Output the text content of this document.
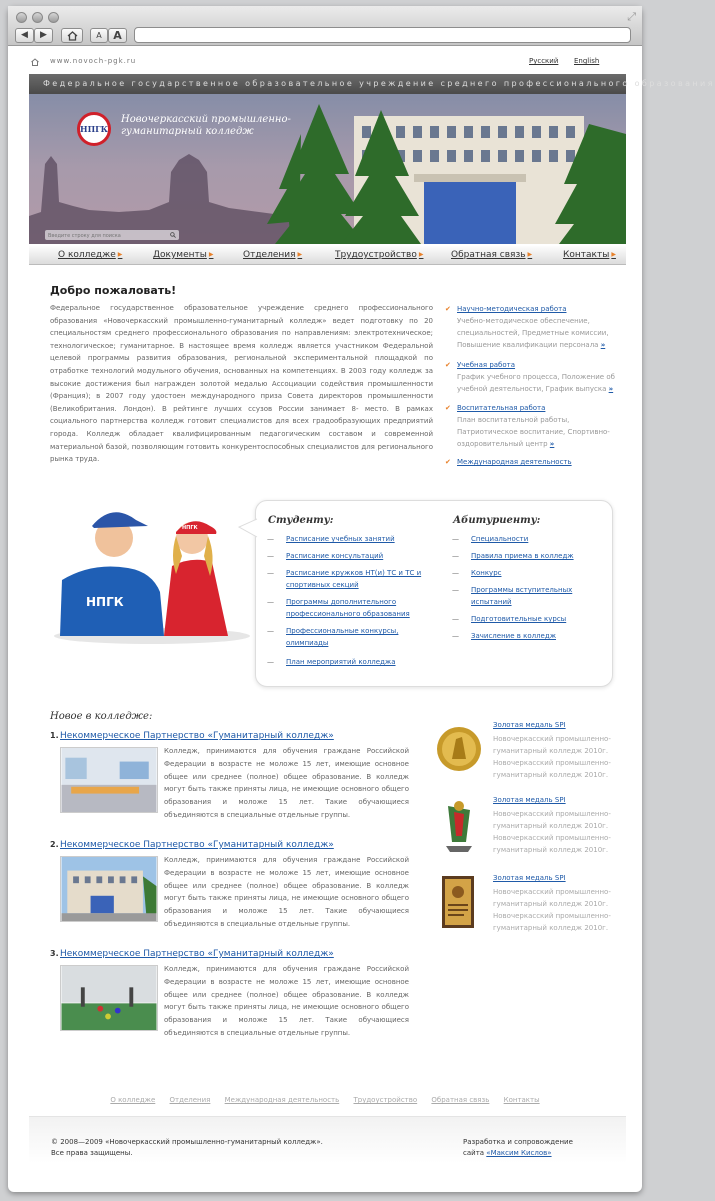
◀	▶	A	A
⤢
www.novoch-pgk.ru	Русский English
Федеральное государственное образовательное учреждение среднего профессионального образования
НПГК
Новочеркасский промышленно-гуманитарный колледж
Введите строку для поиска
О колледже ▶	Документы ▶	Отделения ▶	Трудоустройство ▶	Обратная связь ▶	Контакты ▶
Добро пожаловать!
Федеральное государственное образовательное учреждение среднего профессионального образования «Новочеркасский промышленно-гуманитарный колледж» ведет подготовку по 20 специальностям среднего профессионального образования по направлениям: электротехническое; технологическое; гуманитарное. В настоящее время колледж является участником Федеральной целевой программы развития образования, региональной экспериментальной площадкой по отработке технологий модульного обучения, основанных на компетенциях. В 2003 году колледж за высокие достижения был награжден золотой медалью Ассоциации содействия промышленности (Франция); в 2007 году удостоен международного приза Совета директоров промышленности (Великобритания. Лондон). В рейтинге лучших ссузов России занимает 8- место. В рамках социального партнерства колледж готовит специалистов для всех градообразующих предприятий города. Колледж обладает квалифицированным педагогическим составом и современной материальной базой, позволяющим готовить конкурентоспособных специалистов для регионального рынка труда.
✔ Научно-методическая работа
Учебно-методическое обеспечение, специальностей, Предметные комиссии, Повышение квалификации персонала »
✔ Учебная работа
График учебного процесса, Положение об учебной деятельности, График выпуска »
✔ Воспитательная работа
План воспитательной работы, Патриотическое воспитание, Спортивно-оздоровительный центр »
✔ Международная деятельность
НПГК
НПГК
Студенту:
— Расписание учебных занятий
— Расписание консультаций
— Расписание кружков НТ(и) ТС и ТС и спортивных секций
— Программы дополнительного профессионального образования
— Профессиональные конкурсы, олимпиады
— План мероприятий колледжа
Абитуриенту:
— Специальности
— Правила приема в колледж
— Конкурс
— Программы вступительных испытаний
— Подготовительные курсы
— Зачисление в колледж
Новое в колледже:
1. Некоммерческое Партнерство «Гуманитарный колледж»
Колледж, принимаются для обучения граждане Российской Федерации в возрасте не моложе 15 лет, имеющие основное общее или среднее (полное) общее образование. В колледж могут быть также приняты лица, не имеющие основного общего образования и моложе 15 лет. Такие обучающиеся объединяются в специальные отдельные группы.
2. Некоммерческое Партнерство «Гуманитарный колледж»
Колледж, принимаются для обучения граждане Российской Федерации в возрасте не моложе 15 лет, имеющие основное общее или среднее (полное) общее образование. В колледж могут быть также приняты лица, не имеющие основного общего образования и моложе 15 лет. Такие обучающиеся объединяются в специальные отдельные группы.
3. Некоммерческое Партнерство «Гуманитарный колледж»
Колледж, принимаются для обучения граждане Российской Федерации в возрасте не моложе 15 лет, имеющие основное общее или среднее (полное) общее образование. В колледж могут быть также приняты лица, не имеющие основного общего образования и моложе 15 лет. Такие обучающиеся объединяются в специальные отдельные группы.
Золотая медаль SPI
Новочеркасский промышленно-гуманитарный колледж 2010г. Новочеркасский промышленно-гуманитарный колледж 2010г.
Золотая медаль SPI
Новочеркасский промышленно-гуманитарный колледж 2010г. Новочеркасский промышленно-гуманитарный колледж 2010г.
Золотая медаль SPI
Новочеркасский промышленно-гуманитарный колледж 2010г. Новочеркасский промышленно-гуманитарный колледж 2010г.
О колледже Отделения Международная деятельность Трудоустройство Обратная связь Контакты
© 2008—2009 «Новочеркасский промышленно-гуманитарный колледж».
Все права защищены.
Разработка и сопровождение
сайта «Максим Кислов»
